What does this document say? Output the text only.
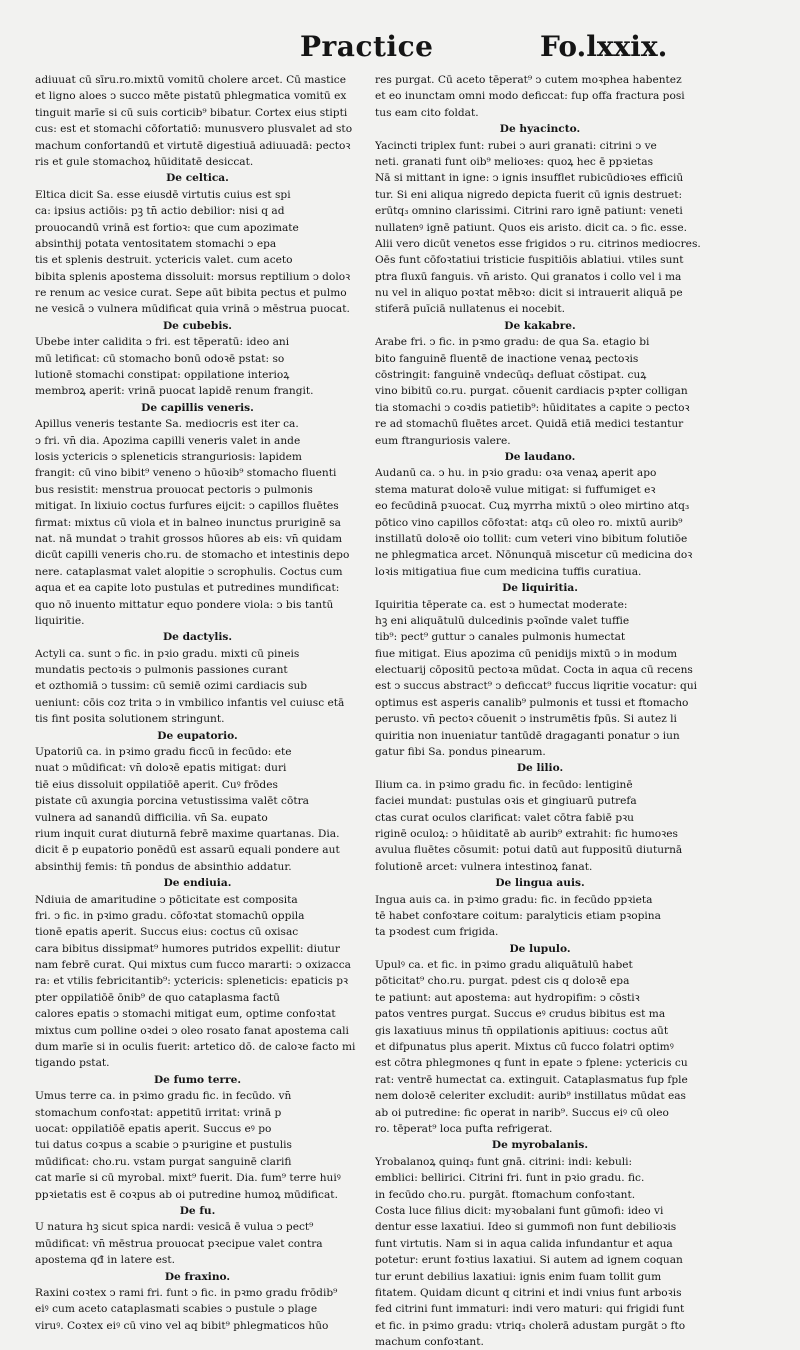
Practice	Fo.lxxix.
adiuuat cū sīru.ro.mixtū vomitū cholere arcet. Cū mastice
et ligno aloes ↄ succo mēte pistatū phlegmatica vomitū ex
tinguit marīe si cū suis corticib⁹ bibatur. Cortex eius stipti
cus: est et stomachi cōfortatiō: munusvero plusvalet ad sto
machum confortandū et virtutē digestiuā adiuuadā: pectoꝛ
ris et gule stomachoꝝ hūiditatē desiccat.
De celtica.
Eltica dicit Sa. esse eiusdē virtutis cuius est spi
ca: ipsius actiōis: pꝫ tn̄ actio debilior: nisi q ad
prouocandū vrinā est fortioꝛ: que cum apozimate
absinthij potata ventositatem stomachi ↄ epa
tis et splenis destruit. yctericis valet. cum aceto
bibita splenis apostema dissoluit: morsus reptilium ↄ doloꝛ
re renum ac vesice curat. Sepe aūt bibita pectus et pulmo
ne vesicā ↄ vulnera mūdificat quia vrinā ↄ mēstrua puocat.
De cubebis.
Ubebe inter calidita ↄ fri. est tēperatū: ideo ani
mū letificat: cū stomacho bonū odoꝛē pstat: so
lutionē stomachi constipat: oppilatione interioꝝ
membroꝝ aperit: vrinā puocat lapidē renum frangit.
De capillis veneris.
Apillus veneris testante Sa. mediocris est iter ca.
ↄ fri. vn̄ dia. Apozima capilli veneris valet in ande
losis yctericis ↄ spleneticis stranguriosis: lapidem
frangit: cū vino bibit⁹ veneno ↄ hūoꝛib⁹ stomacho fluenti
bus resistit: menstrua prouocat pectoris ↄ pulmonis
mitigat. In lixiuio coctus furfures eijcit: ↄ capillos fluētes
firmat: mixtus cū viola et in balneo inunctus pruriginē sa
nat. nā mundat ↄ trahit grossos hūores ab eis: vn̄ quidam
dicūt capilli veneris cho.ru. de stomacho et intestinis depo
nere. cataplasmat valet alopitie ↄ scrophulis. Coctus cum
aqua et ea capite loto pustulas et putredines mundificat:
quo nō inuento mittatur equo pondere viola: ↄ bis tantū
liquiritie.
De dactylis.
Actyli ca. sunt ↄ fic. in pꝛio gradu. mixti cū pineis
mundatis pectoꝛis ↄ pulmonis passiones curant
et ozthomiā ↄ tussim: cū semiē ozimi cardiacis sub
ueniunt: cōis coz trita ↄ in vmbilico infantis vel cuiusc etā
tis fint posita solutionem stringunt.
De eupatorio.
Upatoriū ca. in pꝛimo gradu ficcū in fecūdo: ete
nuat ↄ mūdificat: vn̄ doloꝛē epatis mitigat: duri
tiē eius dissoluit oppilatiōē aperit. Cuꝰ frōdes
pistate cū axungia porcina vetustissima valēt cōtra
vulnera ad sanandū difficilia. vn̄ Sa. eupato
rium inquit curat diuturnā febrē maxime quartanas. Dia.
dicit ē p eupatorio ponēdū est assarū equali pondere aut
absinthij femis: tn̄ pondus de absinthio addatur.
De endiuia.
Ndiuia de amaritudine ↄ pōticitate est composita
fri. ↄ fic. in pꝛimo gradu. cōfoꝛtat stomachū oppila
tionē epatis aperit. Succus eius: coctus cū oxisac
cara bibitus dissipmat⁹ humores putridos expellit: diutur
nam febrē curat. Qui mixtus cum fucco mararti: ↄ oxizacca
ra: et vtilis febricitantib⁹: yctericis: spleneticis: epaticis pꝛ
pter oppilatiōē ōnib⁹ de quo cataplasma factū
calores epatis ↄ stomachi mitigat eum, optime confoꝛtat
mixtus cum polline oꝛdei ↄ oleo rosato fanat apostema cali
dum marīe si in oculis fuerit: artetico dō. de caloꝛe facto mi
tigando pstat.
De fumo terre.
Umus terre ca. in pꝛimo gradu fic. in fecūdo. vn̄
stomachum confoꝛtat: appetitū irritat: vrinā p
uocat: oppilatiōē epatis aperit. Succus eꝰ po
tui datus coꝛpus a scabie ↄ pꝛurigine et pustulis
mūdificat: cho.ru. vstam purgat sanguinē clarifi
cat marīe si cū myrobal. mixt⁹ fuerit. Dia. fum⁹ terre huiꝰ
ppꝛietatis est ē coꝛpus ab oi putredine humoꝝ mūdificat.
De fu.
U natura hꝫ sicut spica nardi: vesicā ē vulua ↄ pect⁹
mūdificat: vn̄ mēstrua prouocat pꝛecipue valet contra
apostema qđ in latere est.
De fraxino.
Raxini coꝛtex ↄ rami fri. funt ↄ fic. in pꝛmo gradu frōdib⁹
eiꝰ cum aceto cataplasmati scabies ↄ pustule ↄ plage
viruꝰ. Coꝛtex eiꝰ cū vino vel aq bibit⁹ phlegmaticos hūo
res purgat. Cū aceto tēperat⁹ ↄ cutem moꝛphea habentez
et eo inunctam omni modo deficcat: fup offa fractura posi
tus eam cito foldat.
De hyacincto.
Yacincti triplex funt: rubei ↄ auri granati: citrini ↄ ve
neti. granati funt oib⁹ melioꝛes: quoꝝ hec ē ppꝛietas
Nā si mittant in igne: ↄ ignis insufflet rubicūdioꝛes efficiū
tur. Si eni aliqua nigredo depicta fuerit cū ignis destruet:
erūtq₃ omnino clarissimi. Citrini raro ignē patiunt: veneti
nullatenꝰ ignē patiunt. Quos eis aristo. dicit ca. ↄ fic. esse.
Alii vero dicūt venetos esse frigidos ↄ ru. citrinos mediocres.
Oēs funt cōfoꝛtatiui tristicie fuspitiōis ablatiui. vtiles sunt
ptra fluxū fanguis. vn̄ aristo. Qui granatos i collo vel i ma
nu vel in aliquo poꝛtat mēbꝛo: dicit si intrauerit aliquā pe
stiferā puīciā nullatenus ei nocebit.
De kakabre.
Arabe fri. ↄ fic. in pꝛmo gradu: de qua Sa. etagio bi
bito fanguinē fluentē de inactione venaꝝ pectoꝛis
cōstringit: fanguinē vndecūq₃ defluat cōstipat. cuꝝ
vino bibitū co.ru. purgat. cōuenit cardiacis pꝛpter colligan
tia stomachi ↄ coꝛdis patietib⁹: hūiditates a capite ↄ pectoꝛ
re ad stomachū fluētes arcet. Quidā etiā medici testantur
eum ftranguriosis valere.
De laudano.
Audanū ca. ↄ hu. in pꝛio gradu: oꝛa venaꝝ aperit apo
stema maturat doloꝛē vulue mitigat: si fuffumiget eꝛ
eo fecūdinā pꝛuocat. Cuꝝ myrrha mixtū ↄ oleo mirtino atq₃
pōtico vino capillos cōfoꝛtat: atq₃ cū oleo ro. mixtū aurib⁹
instillatū doloꝛē oio tollit: cum veteri vino bibitum folutiōe
ne phlegmatica arcet. Nōnunquā miscetur cū medicina doꝛ
loꝛis mitigatiua fiue cum medicina tuffis curatiua.
De liquiritia.
Iquiritia tēperate ca. est ↄ humectat moderate:
hꝫ eni aliquātulū dulcedinis pꝛoīnde valet tuffie
tib⁹: pect⁹ guttur ↄ canales pulmonis humectat
fiue mitigat. Eius apozima cū penidijs mixtū ↄ in modum
electuarij cōpositū pectoꝛa mūdat. Cocta in aqua cū recens
est ↄ succus abstract⁹ ↄ deficcat⁹ fuccus liqritie vocatur: qui
optimus est asperis canalib⁹ pulmonis et tussi et ftomacho
perusto. vn̄ pectoꝛ cōuenit ↄ instrumētis fpūs. Si autez li
quiritia non inueniatur tantūdē dragaganti ponatur ↄ iun
gatur fibi Sa. pondus pinearum.
De lilio.
Ilium ca. in pꝛimo gradu fic. in fecūdo: lentiginē
faciei mundat: pustulas oꝛis et gingiuarū putrefa
ctas curat oculos clarificat: valet cōtra fabiē pꝛu
riginē oculoꝝ: ↄ hūiditatē ab aurib⁹ extrahit: fic humoꝛes
avulua fluētes cōsumit: potui datū aut fuppositū diuturnā
folutionē arcet: vulnera intestinoꝝ fanat.
De lingua auis.
Ingua auis ca. in pꝛimo gradu: fic. in fecūdo ppꝛieta
tē habet confoꝛtare coitum: paralyticis etiam pꝛopina
ta pꝛodest cum frigida.
De lupulo.
Upulꝰ ca. et fic. in pꝛimo gradu aliquātulū habet
pōticitat⁹ cho.ru. purgat. pdest cis q doloꝛē epa
te patiunt: aut apostema: aut hydropifim: ↄ cōstiꝛ
patos ventres purgat. Succus eꝰ crudus bibitus est ma
gis laxatiuus minus tn̄ oppilationis apitiuus: coctus aūt
et difpunatus plus aperit. Mixtus cū fucco folatri optimꝰ
est cōtra phlegmones q funt in epate ↄ fplene: yctericis cu
rat: ventrē humectat ca. extinguit. Cataplasmatus fup fple
nem doloꝛē celeriter excludit: aurib⁹ instillatus mūdat eas
ab oi putredine: fic operat in narib⁹. Succus eiꝰ cū oleo
ro. tēperat⁹ loca pufta refrigerat.
De myrobalanis.
Yrobalanoꝝ quinq₃ funt gnā. citrini: indi: kebuli:
emblici: bellirici. Citrini fri. funt in pꝛio gradu. fic.
in fecūdo cho.ru. purgāt. ftomachum confoꝛtant.
Costa luce filius dicit: myꝛobalani funt gūmofi: ideo vi
dentur esse laxatiui. Ideo si gummofi non funt debilioꝛis
funt virtutis. Nam si in aqua calida infundantur et aqua
potetur: erunt foꝛtius laxatiui. Si autem ad ignem coquan
tur erunt debilius laxatiui: ignis enim fuam tollit gum
fitatem. Quidam dicunt q citrini et indi vnius funt arboꝛis
fed citrini funt immaturi: indi vero maturi: qui frigidi funt
et fic. in pꝛimo gradu: vtriq₃ cholerā adustam purgāt ↄ fto
machum confoꝛtant.
